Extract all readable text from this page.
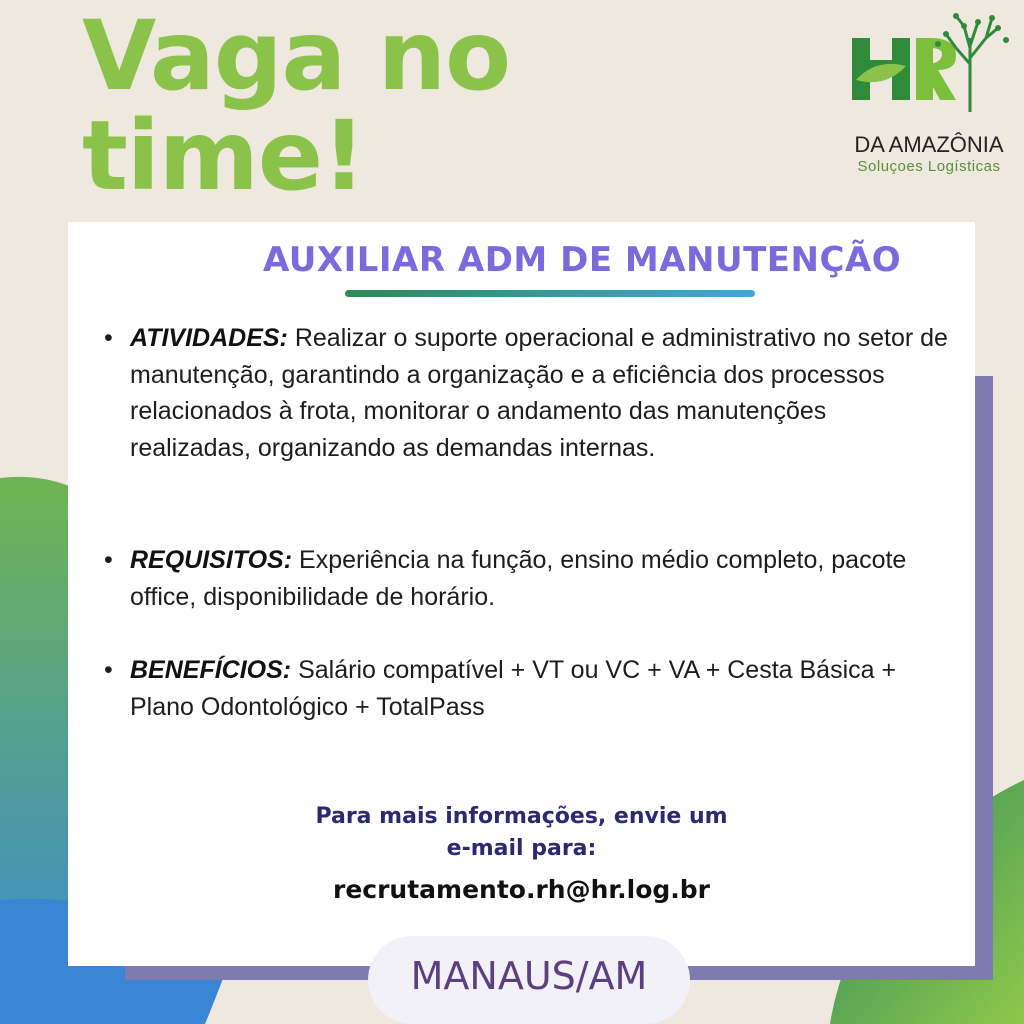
Vaga no
time!	DA AMAZÔNIA
Soluçoes Logísticas
AUXILIAR ADM DE MANUTENÇÃO
• ATIVIDADES: Realizar o suporte operacional e administrativo no setor de manutenção, garantindo a organização e a eficiência dos processos relacionados à frota, monitorar o andamento das manutenções realizadas, organizando as demandas internas.
• REQUISITOS: Experiência na função, ensino médio completo, pacote office, disponibilidade de horário.
• BENEFÍCIOS: Salário compatível + VT ou VC + VA + Cesta Básica + Plano Odontológico + TotalPass

Para mais informações, envie um

e-mail para:

recrutamento.rh@hr.log.br
MANAUS/AM
